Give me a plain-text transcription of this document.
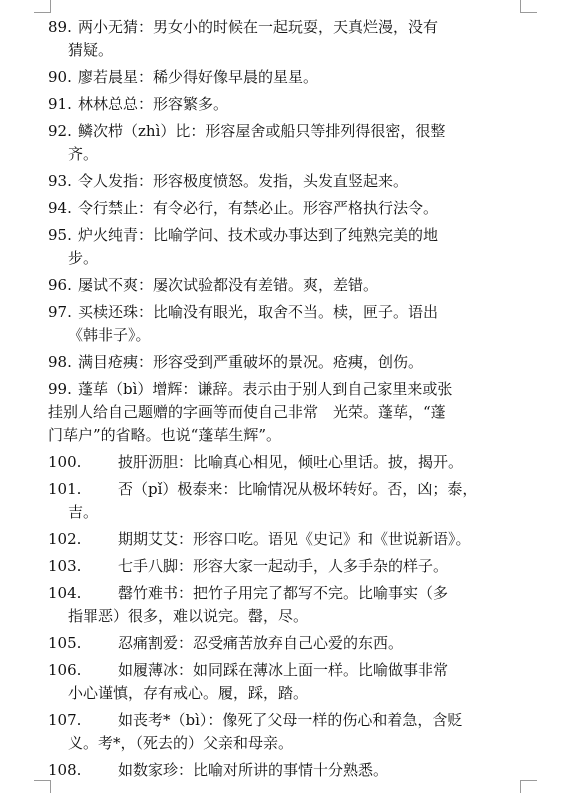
89. 两小无猜：男女小的时候在一起玩耍，天真烂漫，没有
猜疑。
90. 廖若晨星：稀少得好像早晨的星星。
91. 林林总总：形容繁多。
92. 鳞次栉（zhì）比：形容屋舍或船只等排列得很密，很整
齐。
93. 令人发指：形容极度愤怒。发指，头发直竖起来。
94. 令行禁止：有令必行，有禁必止。形容严格执行法令。
95. 炉火纯青：比喻学问、技术或办事达到了纯熟完美的地
步。
96. 屡试不爽：屡次试验都没有差错。爽，差错。
97. 买椟还珠：比喻没有眼光，取舍不当。椟，匣子。语出
《韩非子》。
98. 满目疮痍：形容受到严重破坏的景况。疮痍，创伤。
99. 蓬荜（bì）增辉：谦辞。表示由于别人到自己家里来或张
挂别人给自己题赠的字画等而使自己非常　光荣。蓬荜，“蓬
门荜户”的省略。也说“蓬荜生辉”。
100. 披肝沥胆：比喻真心相见，倾吐心里话。披，揭开。
101. 否（pǐ）极泰来：比喻情况从极坏转好。否，凶；泰，
吉。
102. 期期艾艾：形容口吃。语见《史记》和《世说新语》。
103. 七手八脚：形容大家一起动手，人多手杂的样子。
104. 罄竹难书：把竹子用完了都写不完。比喻事实（多
指罪恶）很多，难以说完。罄，尽。
105. 忍痛割爱：忍受痛苦放弃自己心爱的东西。
106. 如履薄冰：如同踩在薄冰上面一样。比喻做事非常
小心谨慎，存有戒心。履，踩，踏。
107. 如丧考*（bì）：像死了父母一样的伤心和着急，含贬
义。考*，（死去的）父亲和母亲。
108. 如数家珍：比喻对所讲的事情十分熟悉。
